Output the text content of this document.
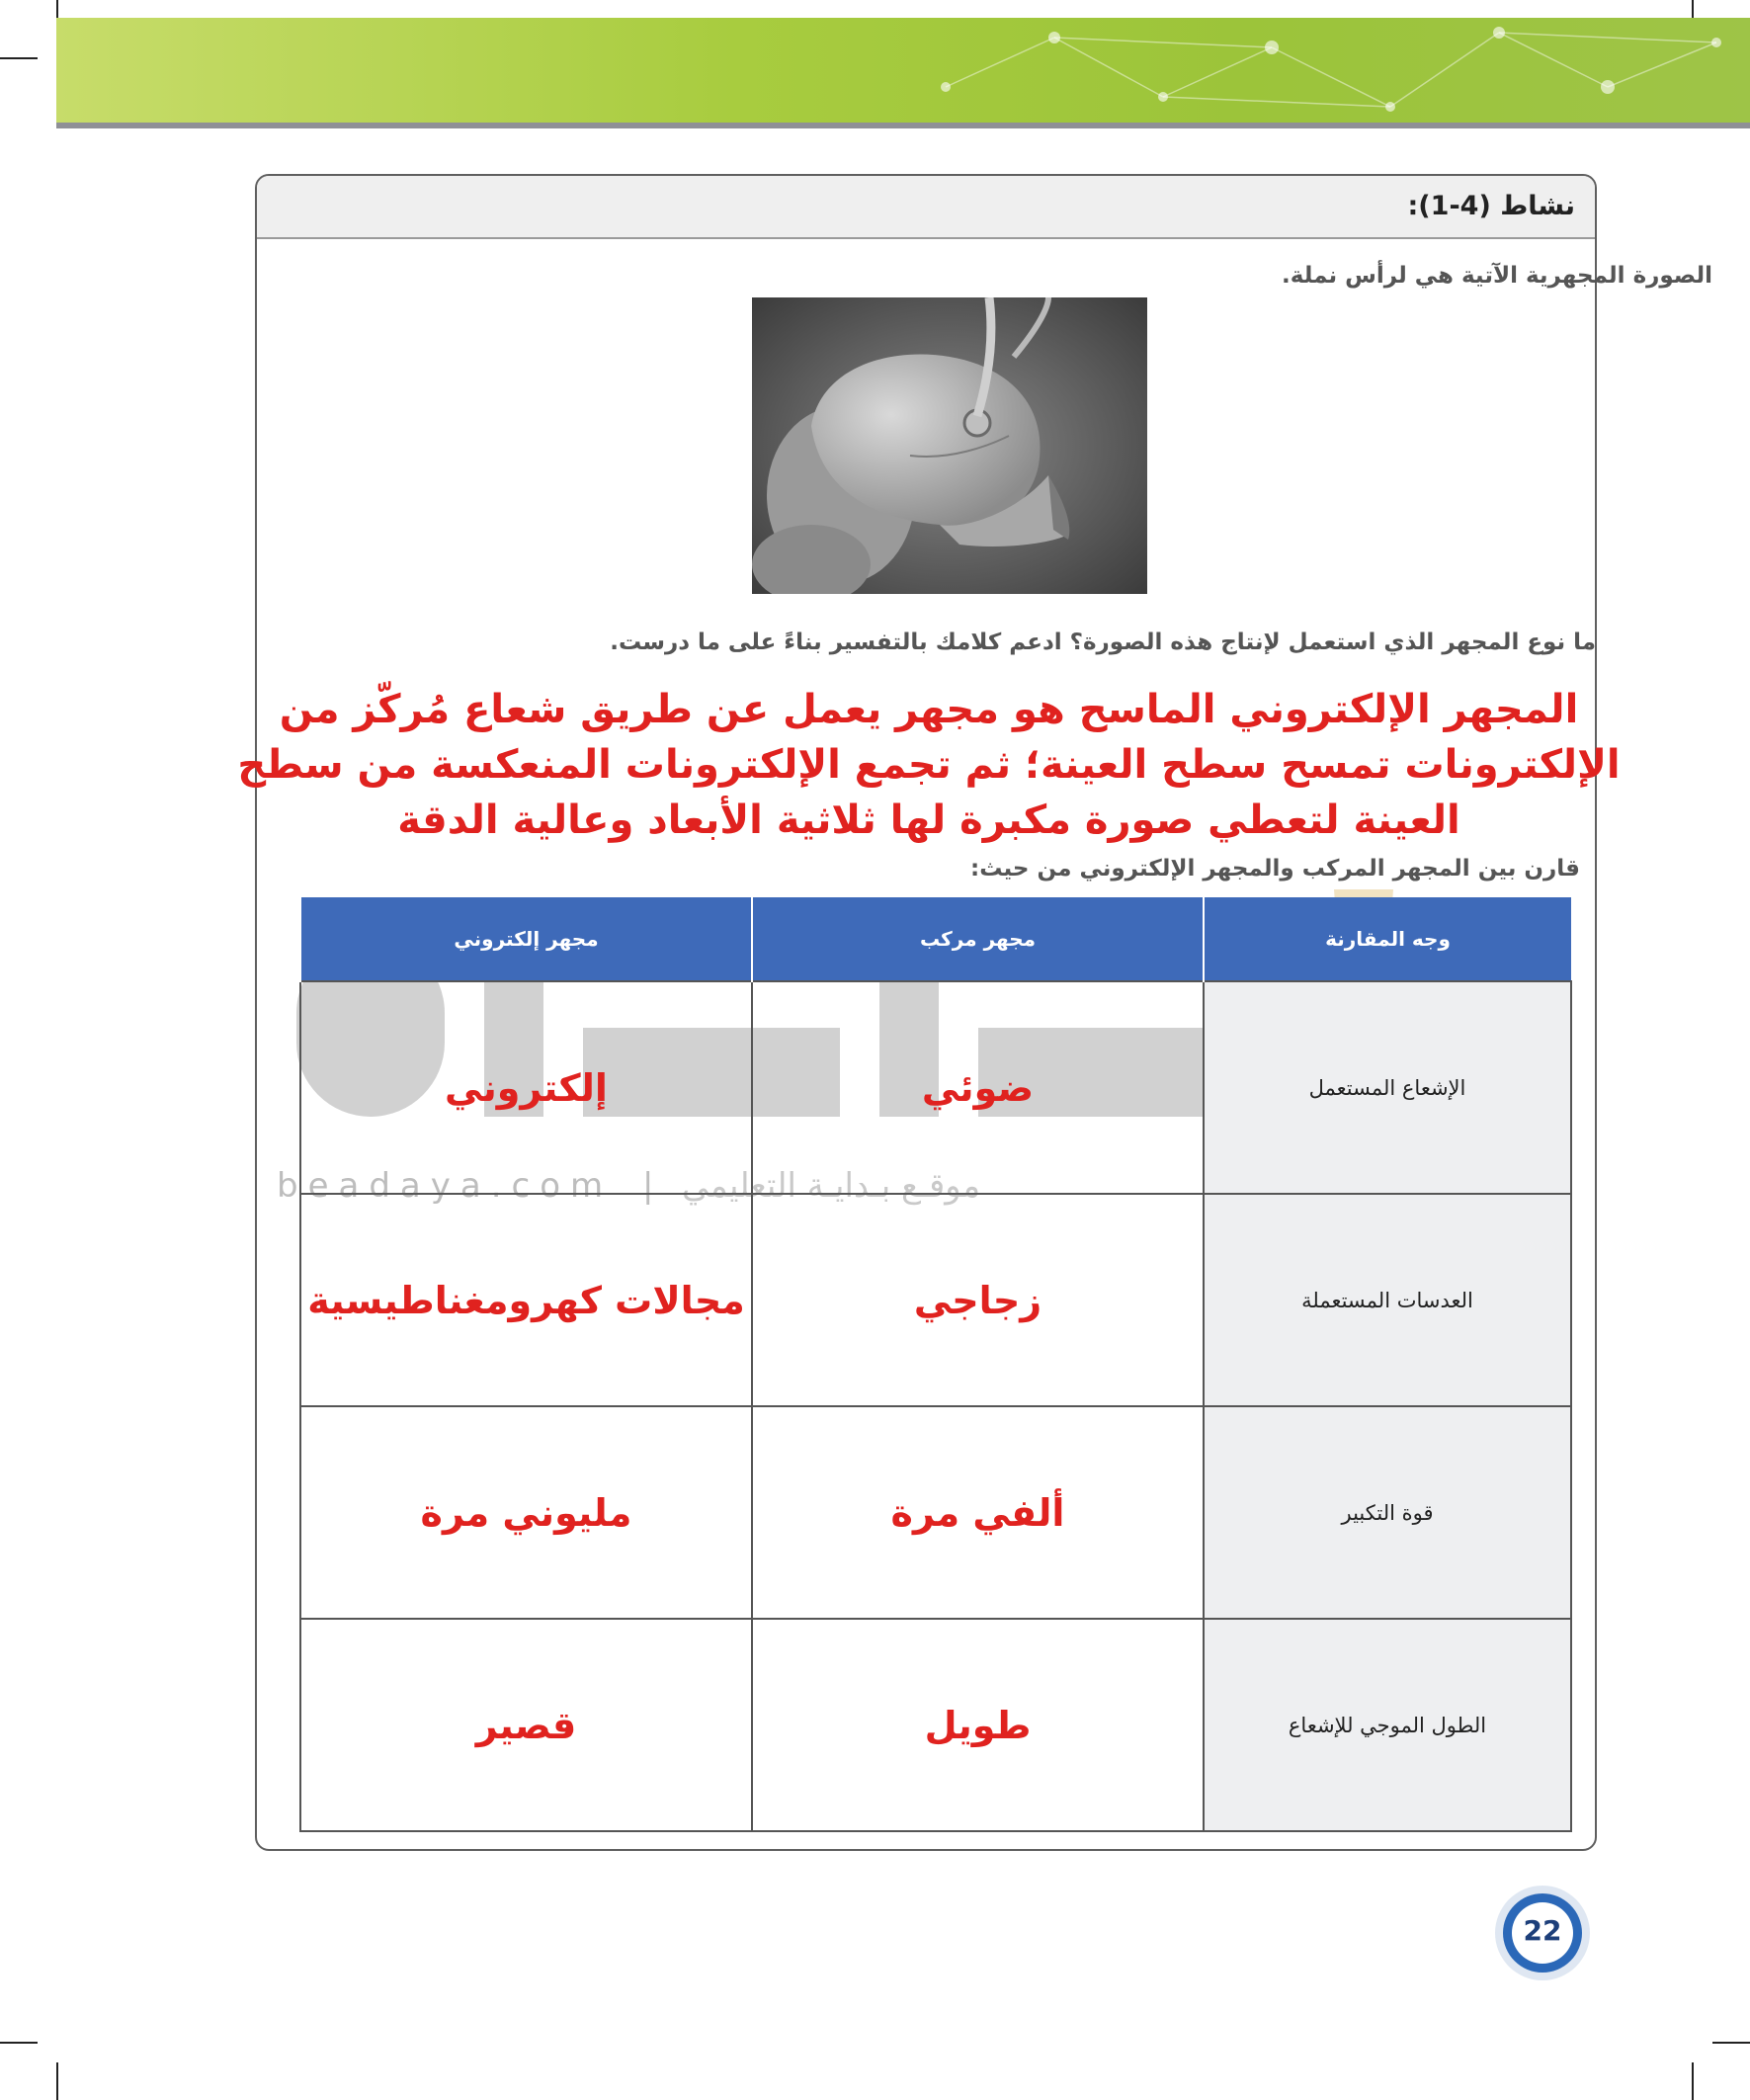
نشاط (4-1):
الصورة المجهرية الآتية هي لرأس نملة.
ما نوع المجهر الذي استعمل لإنتاج هذه الصورة؟ ادعم كلامك بالتفسير بناءً على ما درست.
المجهر الإلكتروني الماسح هو مجهر يعمل عن طريق شعاع مُركّز من الإلكترونات تمسح سطح العينة؛ ثم تجمع الإلكترونات المنعكسة من سطح العينة لتعطي صورة مكبرة لها ثلاثية الأبعاد وعالية الدقة
قارن بين المجهر المركب والمجهر الإلكتروني من حيث:
beadaya.com | موقـع بـدايـة التعليمي
وجه المقارنة	مجهر مركب	مجهر إلكتروني
الإشعاع المستعمل	ضوئي	إلكتروني
العدسات المستعملة	زجاجي	مجالات كهرومغناطيسية
قوة التكبير	ألفي مرة	مليوني مرة
الطول الموجي للإشعاع	طويل	قصير
22
